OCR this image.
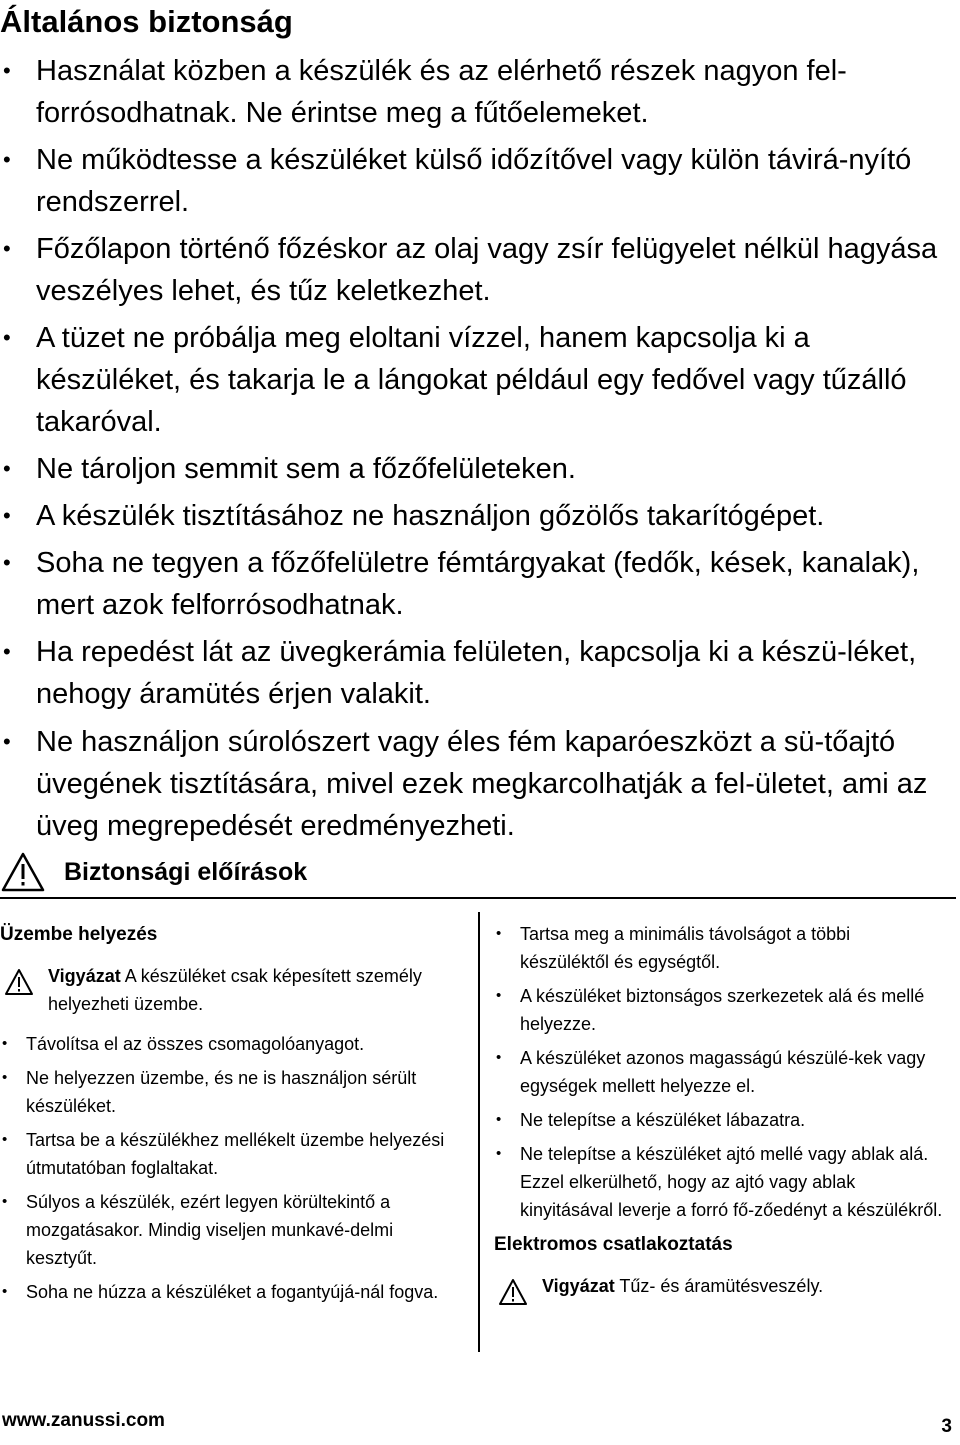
Általános biztonság
• Használat közben a készülék és az elérhető részek nagyon fel-forrósodhatnak. Ne érintse meg a fűtőelemeket.
• Ne működtesse a készüléket külső időzítővel vagy külön távirá-nyító rendszerrel.
• Főzőlapon történő főzéskor az olaj vagy zsír felügyelet nélkül hagyása veszélyes lehet, és tűz keletkezhet.
• A tüzet ne próbálja meg eloltani vízzel, hanem kapcsolja ki a készüléket, és takarja le a lángokat például egy fedővel vagy tűzálló takaróval.
• Ne tároljon semmit sem a főzőfelületeken.
• A készülék tisztításához ne használjon gőzölős takarítógépet.
• Soha ne tegyen a főzőfelületre fémtárgyakat (fedők, kések, kanalak), mert azok felforrósodhatnak.
• Ha repedést lát az üvegkerámia felületen, kapcsolja ki a készü-léket, nehogy áramütés érjen valakit.
• Ne használjon súrolószert vagy éles fém kaparóeszközt a sü-tőajtó üvegének tisztítására, mivel ezek megkarcolhatják a fel-ületet, ami az üveg megrepedését eredményezheti.
Biztonsági előírások

Üzembe helyezés

Vigyázat A készüléket csak képesített személy helyezheti üzembe.
• Távolítsa el az összes csomagolóanyagot.
• Ne helyezzen üzembe, és ne is használjon sérült készüléket.
• Tartsa be a készülékhez mellékelt üzembe helyezési útmutatóban foglaltakat.
• Súlyos a készülék, ezért legyen körültekintő a mozgatásakor. Mindig viseljen munkavé-delmi kesztyűt.
• Soha ne húzza a készüléket a fogantyújá-nál fogva.
• Tartsa meg a minimális távolságot a többi készüléktől és egységtől.
• A készüléket biztonságos szerkezetek alá és mellé helyezze.
• A készüléket azonos magasságú készülé-kek vagy egységek mellett helyezze el.
• Ne telepítse a készüléket lábazatra.
• Ne telepítse a készüléket ajtó mellé vagy ablak alá. Ezzel elkerülhető, hogy az ajtó vagy ablak kinyitásával leverje a forró fő-zőedényt a készülékről.

Elektromos csatlakoztatás

Vigyázat Tűz- és áramütésveszély.
www.zanussi.com	3
